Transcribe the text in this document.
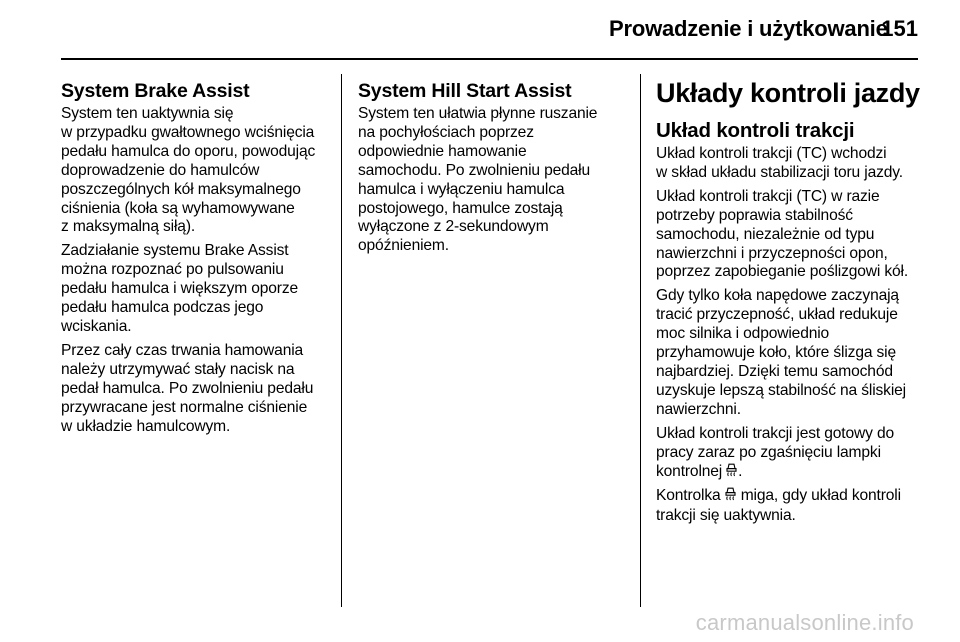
Prowadzenie i użytkowanie
151
System Brake Assist

System ten uaktywnia się
w przypadku gwałtownego wciśnięcia
pedału hamulca do oporu, powodując
doprowadzenie do hamulców
poszczególnych kół maksymalnego
ciśnienia (koła są wyhamowywane
z maksymalną siłą).

Zadziałanie systemu Brake Assist
można rozpoznać po pulsowaniu
pedału hamulca i większym oporze
pedału hamulca podczas jego
wciskania.

Przez cały czas trwania hamowania
należy utrzymywać stały nacisk na
pedał hamulca. Po zwolnieniu pedału
przywracane jest normalne ciśnienie
w układzie hamulcowym.

System Hill Start Assist

System ten ułatwia płynne ruszanie
na pochyłościach poprzez
odpowiednie hamowanie
samochodu. Po zwolnieniu pedału
hamulca i wyłączeniu hamulca
postojowego, hamulce zostają
wyłączone z 2-sekundowym
opóźnieniem.

Układy kontroli jazdy
Układ kontroli trakcji

Układ kontroli trakcji (TC) wchodzi
w skład układu stabilizacji toru jazdy.

Układ kontroli trakcji (TC) w razie
potrzeby poprawia stabilność
samochodu, niezależnie od typu
nawierzchni i przyczepności opon,
poprzez zapobieganie poślizgowi kół.

Gdy tylko koła napędowe zaczynają
tracić przyczepność, układ redukuje
moc silnika i odpowiednio
przyhamowuje koło, które ślizga się
najbardziej. Dzięki temu samochód
uzyskuje lepszą stabilność na śliskiej
nawierzchni.

Układ kontroli trakcji jest gotowy do
pracy zaraz po zgaśnięciu lampki
kontrolnej .

Kontrolka miga, gdy układ kontroli
trakcji się uaktywnia.

carmanualsonline.info
